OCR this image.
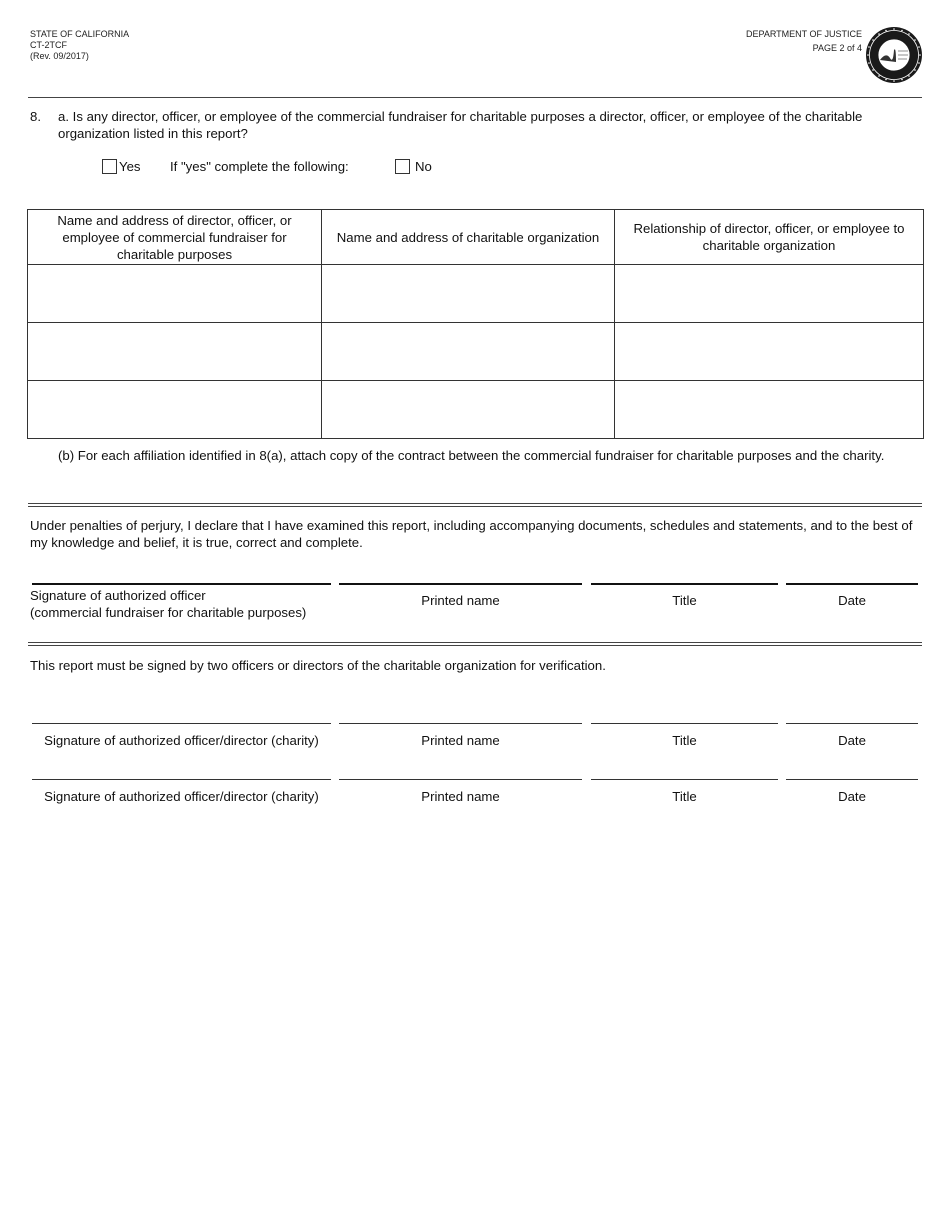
STATE OF CALIFORNIA
CT-2TCF
(Rev. 09/2017)
DEPARTMENT OF JUSTICE
PAGE 2 of 4
8. a. Is any director, officer, or employee of the commercial fundraiser for charitable purposes a director, officer, or employee of the charitable organization listed in this report?
Yes If "yes" complete the following:	No
Name and address of director, officer, or employee of commercial fundraiser for charitable purposes	Name and address of charitable organization	Relationship of director, officer, or employee to charitable organization

(b) For each affiliation identified in 8(a), attach copy of the contract between the commercial fundraiser for charitable purposes and the charity.
Under penalties of perjury, I declare that I have examined this report, including accompanying documents, schedules and statements, and to the best of my knowledge and belief, it is true, correct and complete.
Signature of authorized officer
(commercial fundraiser for charitable purposes)
Printed name	Title	Date
This report must be signed by two officers or directors of the charitable organization for verification.
Signature of authorized officer/director (charity)	Printed name	Title	Date
Signature of authorized officer/director (charity)	Printed name	Title	Date
